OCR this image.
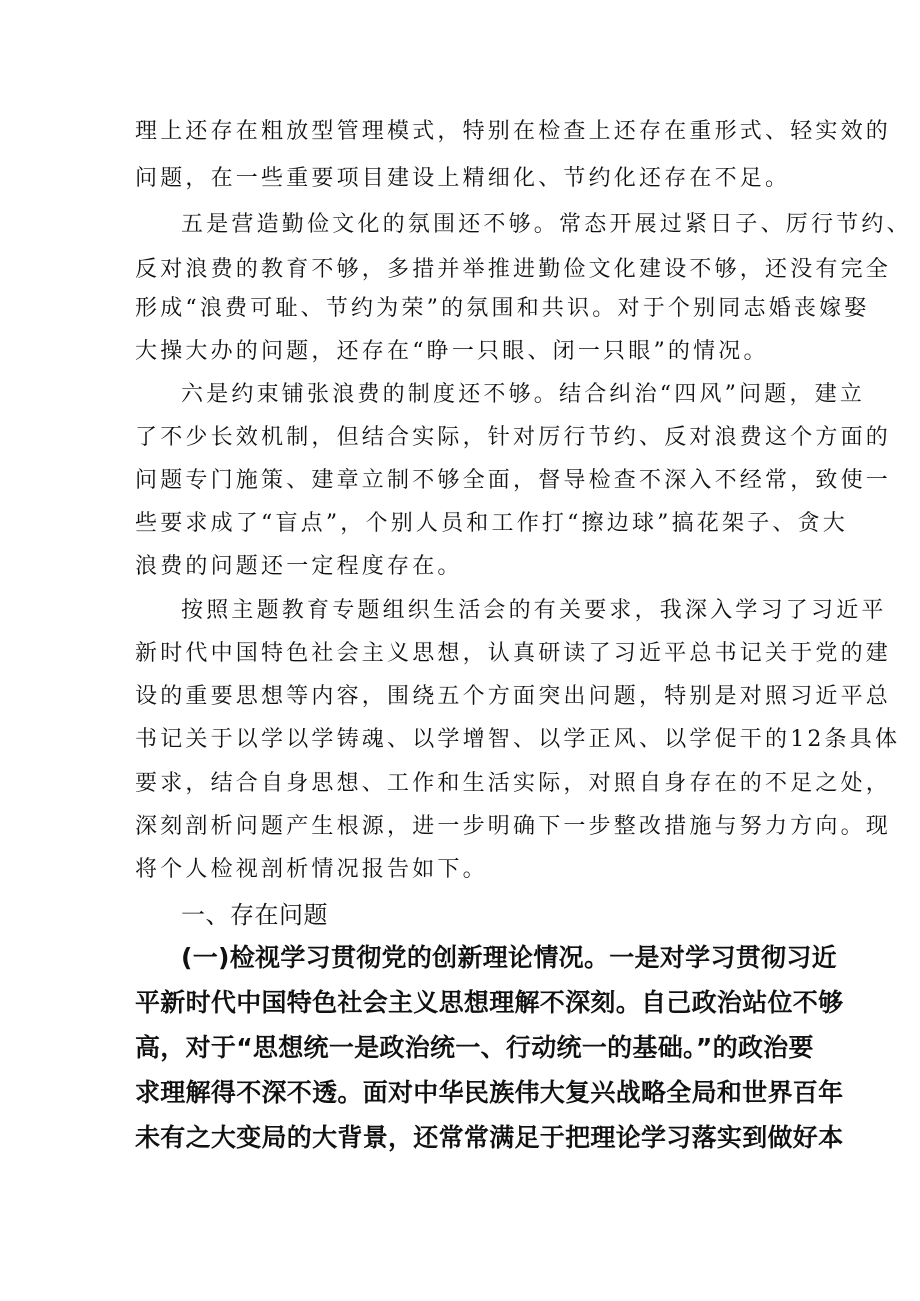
理上还存在粗放型管理模式，特别在检查上还存在重形式、轻实效的
问题，在一些重要项目建设上精细化、节约化还存在不足。
五是营造勤俭文化的氛围还不够。常态开展过紧日子、厉行节约、
反对浪费的教育不够，多措并举推进勤俭文化建设不够，还没有完全
形成“浪费可耻、节约为荣”的氛围和共识。对于个别同志婚丧嫁娶
大操大办的问题，还存在“睁一只眼、闭一只眼”的情况。
六是约束铺张浪费的制度还不够。结合纠治“四风”问题，建立
了不少长效机制，但结合实际，针对厉行节约、反对浪费这个方面的
问题专门施策、建章立制不够全面，督导检查不深入不经常，致使一
些要求成了“盲点”，个别人员和工作打“擦边球”搞花架子、贪大
浪费的问题还一定程度存在。
按照主题教育专题组织生活会的有关要求，我深入学习了习近平
新时代中国特色社会主义思想，认真研读了习近平总书记关于党的建
设的重要思想等内容，围绕五个方面突出问题，特别是对照习近平总
书记关于以学以学铸魂、以学增智、以学正风、以学促干的12条具体
要求，结合自身思想、工作和生活实际，对照自身存在的不足之处，
深刻剖析问题产生根源，进一步明确下一步整改措施与努力方向。现
将个人检视剖析情况报告如下。
一、存在问题
(一)检视学习贯彻党的创新理论情况。一是对学习贯彻习近
平新时代中国特色社会主义思想理解不深刻。自己政治站位不够
高，对于“思想统一是政治统一、行动统一的基础。”的政治要
求理解得不深不透。面对中华民族伟大复兴战略全局和世界百年
未有之大变局的大背景，还常常满足于把理论学习落实到做好本
